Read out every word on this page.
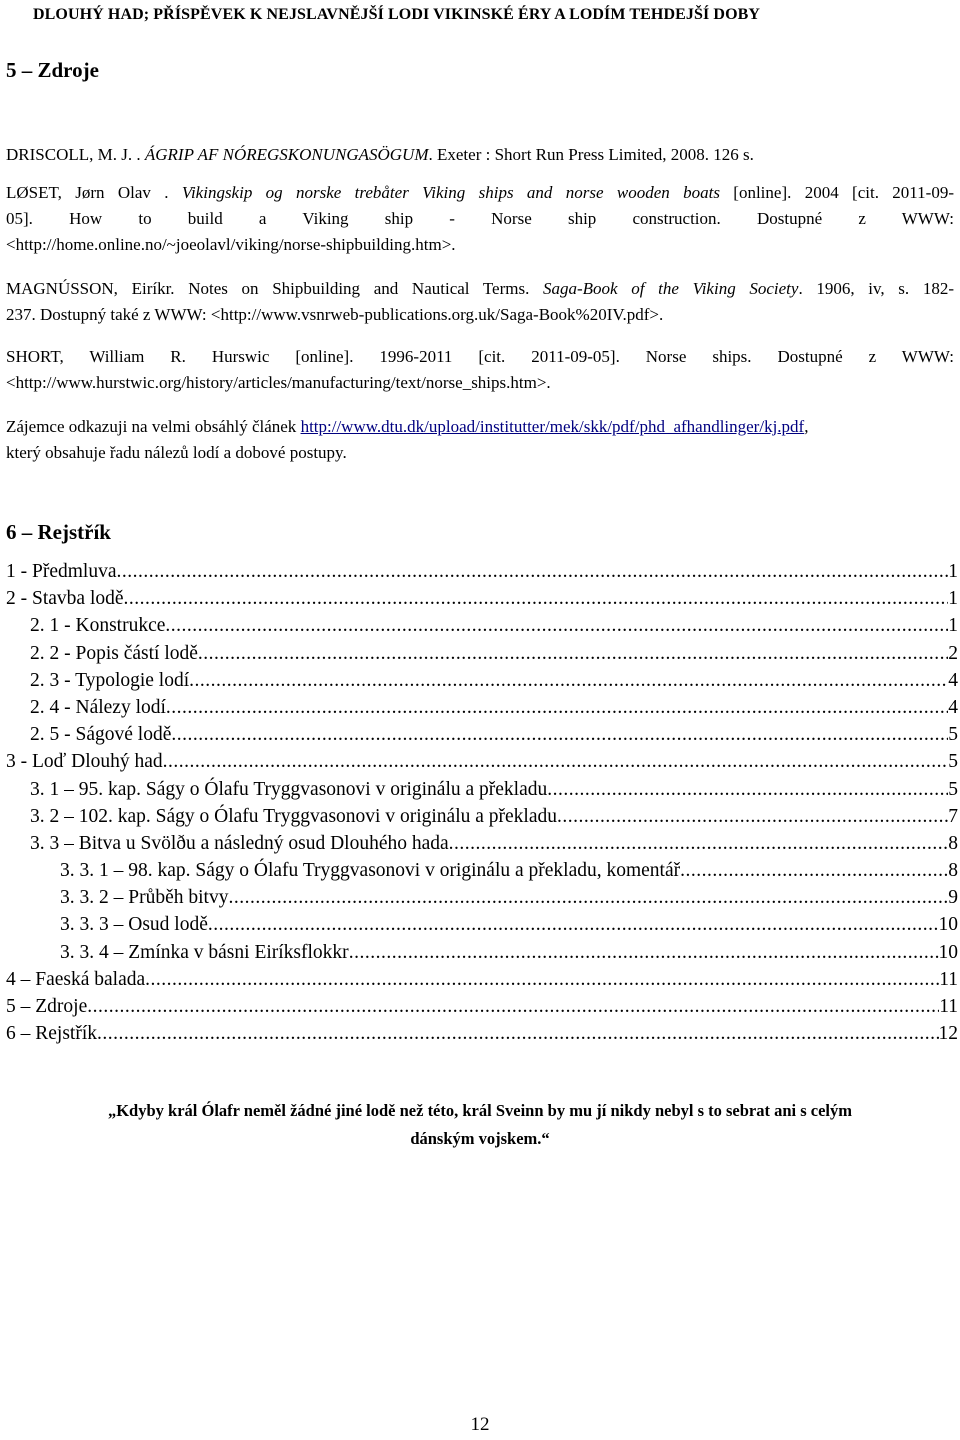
DLOUHÝ HAD; PŘÍSPĚVEK K NEJSLAVNĚJŠÍ LODI VIKINSKÉ ÉRY A LODÍM TEHDEJŠÍ DOBY
5 – Zdroje
DRISCOLL, M. J. . ÁGRIP AF NÓREGSKONUNGASÖGUM. Exeter : Short Run Press Limited, 2008. 126 s.
LØSET, Jørn Olav . Vikingskip og norske trebåter Viking ships and norse wooden boats [online]. 2004 [cit. 2011-09-
05]. How to build a Viking ship - Norse ship construction. Dostupné z WWW:
<http://home.online.no/~joeolavl/viking/norse-shipbuilding.htm>.
MAGNÚSSON, Eiríkr. Notes on Shipbuilding and Nautical Terms. Saga-Book of the Viking Society. 1906, iv, s. 182-
237. Dostupný také z WWW: <http://www.vsnrweb-publications.org.uk/Saga-Book%20IV.pdf>.
SHORT, William R. Hurswic [online]. 1996-2011 [cit. 2011-09-05]. Norse ships. Dostupné z WWW:
<http://www.hurstwic.org/history/articles/manufacturing/text/norse_ships.htm>.
Zájemce odkazuji na velmi obsáhlý článek http://www.dtu.dk/upload/institutter/mek/skk/pdf/phd_afhandlinger/kj.pdf,
který obsahuje řadu nálezů lodí a dobové postupy.
6 – Rejstřík
1 - Předmluva .....	1
2 - Stavba lodě .....	1
2. 1 - Konstrukce .....	1
2. 2 - Popis částí lodě .....	2
2. 3 - Typologie lodí .....	4
2. 4 - Nálezy lodí .....	4
2. 5 - Ságové lodě .....	5
3 - Loď Dlouhý had .....	5
3. 1 – 95. kap. Ságy o Ólafu Tryggvasonovi v originálu a překladu .....	5
3. 2 – 102. kap. Ságy o Ólafu Tryggvasonovi v originálu a překladu .....	7
3. 3 – Bitva u Svölðu a následný osud Dlouhého hada .....	8
3. 3. 1 – 98. kap. Ságy o Ólafu Tryggvasonovi v originálu a překladu, komentář .....	8
3. 3. 2 – Průběh bitvy .....	9
3. 3. 3 – Osud lodě .....	10
3. 3. 4 – Zmínka v básni Eiríksflokkr .....	10
4 – Faeská balada .....	11
5 – Zdroje .....	11
6 – Rejstřík .....	12
„Kdyby král Ólafr neměl žádné jiné lodě než této, král Sveinn by mu jí nikdy nebyl s to sebrat ani s celým
dánským vojskem.“
12
